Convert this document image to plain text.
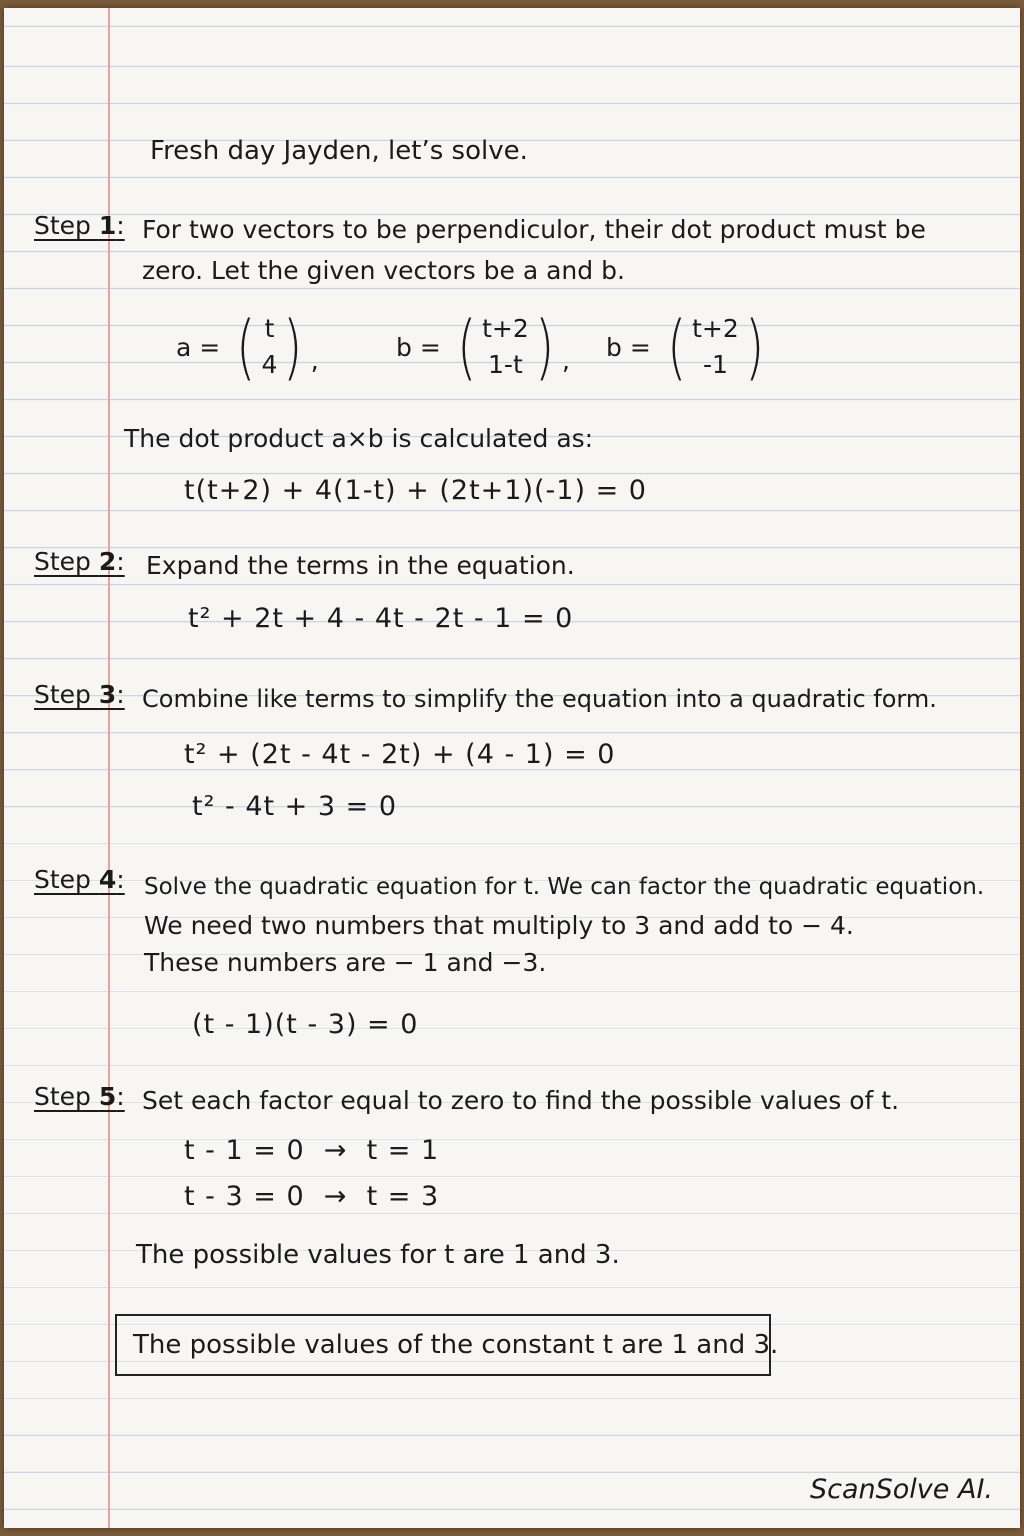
Fresh day Jayden, let’s solve.
Step 1: For two vectors to be perpendiculor, their dot product must be
zero. Let the given vectors be a and b.
a = ( t
4 ) ,	b = ( t+2
1-t ) , b = ( t+2
-1 )
The dot product a×b is calculated as:
t(t+2) + 4(1-t) + (2t+1)(-1) = 0
Step 2: Expand the terms in the equation.
t² + 2t + 4 - 4t - 2t - 1 = 0
Step 3: Combine like terms to simplify the equation into a quadratic form.
t² + (2t - 4t - 2t) + (4 - 1) = 0
t² - 4t + 3 = 0
Step 4: Solve the quadratic equation for t. We can factor the quadratic equation.
We need two numbers that multiply to 3 and add to − 4.
These numbers are − 1 and −3.
(t - 1)(t - 3) = 0
Step 5: Set each factor equal to zero to find the possible values of t.
t - 1 = 0  →  t = 1
t - 3 = 0  →  t = 3
The possible values for t are 1 and 3.
The possible values of the constant t are 1 and 3.
ScanSolve AI.
